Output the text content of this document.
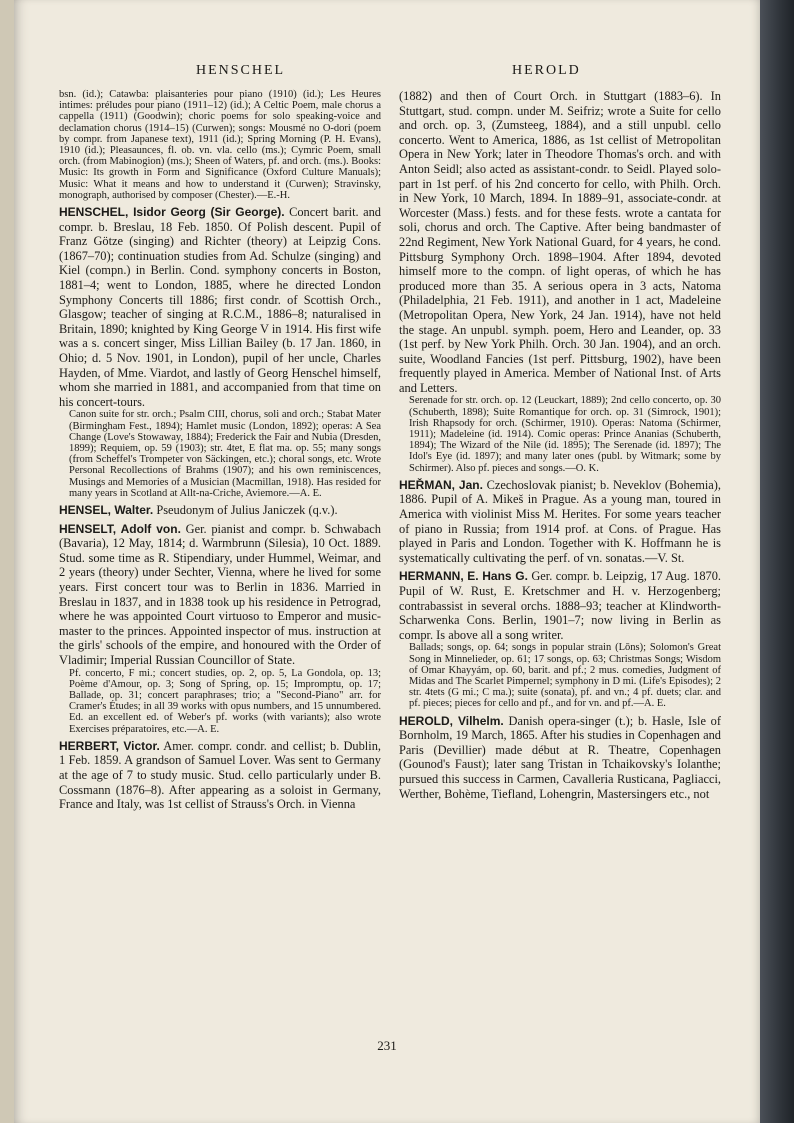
HENSCHEL	HEROLD

bsn. (id.); Catawba: plaisanteries pour piano (1910) (id.); Les Heures intimes: préludes pour piano (1911–12) (id.); A Celtic Poem, male chorus a cappella (1911) (Goodwin); choric poems for solo speaking-voice and declamation chorus (1914–15) (Curwen); songs: Mousmé no O-dori (poem by compr. from Japanese text), 1911 (id.); Spring Morning (P. H. Evans), 1910 (id.); Pleasaunces, fl. ob. vn. vla. cello (ms.); Cymric Poem, small orch. (from Mabinogion) (ms.); Sheen of Waters, pf. and orch. (ms.). Books: Music: Its growth in Form and Significance (Oxford Culture Manuals); Music: What it means and how to understand it (Curwen); Stravinsky, monograph, authorised by composer (Chester).—E.-H.

HENSCHEL, Isidor Georg (Sir George). Concert barit. and compr. b. Breslau, 18 Feb. 1850. Of Polish descent. Pupil of Franz Götze (singing) and Richter (theory) at Leipzig Cons. (1867–70); continuation studies from Ad. Schulze (singing) and Kiel (compn.) in Berlin. Cond. symphony concerts in Boston, 1881–4; went to London, 1885, where he directed London Symphony Concerts till 1886; first condr. of Scottish Orch., Glasgow; teacher of singing at R.C.M., 1886–8; naturalised in Britain, 1890; knighted by King George V in 1914. His first wife was a s. concert singer, Miss Lillian Bailey (b. 17 Jan. 1860, in Ohio; d. 5 Nov. 1901, in London), pupil of her uncle, Charles Hayden, of Mme. Viardot, and lastly of Georg Henschel himself, whom she married in 1881, and accompanied from that time on his concert-tours.

Canon suite for str. orch.; Psalm CIII, chorus, soli and orch.; Stabat Mater (Birmingham Fest., 1894); Hamlet music (London, 1892); operas: A Sea Change (Love's Stowaway, 1884); Frederick the Fair and Nubia (Dresden, 1899); Requiem, op. 59 (1903); str. 4tet, E flat ma. op. 55; many songs (from Scheffel's Trompeter von Säckingen, etc.); choral songs, etc. Wrote Personal Recollections of Brahms (1907); and his own reminiscences, Musings and Memories of a Musician (Macmillan, 1918). Has resided for many years in Scotland at Allt-na-Criche, Aviemore.—A. E.

HENSEL, Walter. Pseudonym of Julius Janiczek (q.v.).

HENSELT, Adolf von. Ger. pianist and compr. b. Schwabach (Bavaria), 12 May, 1814; d. Warmbrunn (Silesia), 10 Oct. 1889. Stud. some time as R. Stipendiary, under Hummel, Weimar, and 2 years (theory) under Sechter, Vienna, where he lived for some years. First concert tour was to Berlin in 1836. Married in Breslau in 1837, and in 1838 took up his residence in Petrograd, where he was appointed Court virtuoso to Emperor and music-master to the princes. Appointed inspector of mus. instruction at the girls' schools of the empire, and honoured with the Order of Vladimir; Imperial Russian Councillor of State.

Pf. concerto, F mi.; concert studies, op. 2, op. 5, La Gondola, op. 13; Poème d'Amour, op. 3; Song of Spring, op. 15; Impromptu, op. 17; Ballade, op. 31; concert paraphrases; trio; a "Second-Piano" arr. for Cramer's Études; in all 39 works with opus numbers, and 15 unnumbered. Ed. an excellent ed. of Weber's pf. works (with variants); also wrote Exercises préparatoires, etc.—A. E.

HERBERT, Victor. Amer. compr. condr. and cellist; b. Dublin, 1 Feb. 1859. A grandson of Samuel Lover. Was sent to Germany at the age of 7 to study music. Stud. cello particularly under B. Cossmann (1876–8). After appearing as a soloist in Germany, France and Italy, was 1st cellist of Strauss's Orch. in Vienna

(1882) and then of Court Orch. in Stuttgart (1883–6). In Stuttgart, stud. compn. under M. Seifriz; wrote a Suite for cello and orch. op. 3, (Zumsteeg, 1884), and a still unpubl. cello concerto. Went to America, 1886, as 1st cellist of Metropolitan Opera in New York; later in Theodore Thomas's orch. and with Anton Seidl; also acted as assistant-condr. to Seidl. Played solo-part in 1st perf. of his 2nd concerto for cello, with Philh. Orch. in New York, 10 March, 1894. In 1889–91, associate-condr. at Worcester (Mass.) fests. and for these fests. wrote a cantata for soli, chorus and orch. The Captive. After being bandmaster of 22nd Regiment, New York National Guard, for 4 years, he cond. Pittsburg Symphony Orch. 1898–1904. After 1894, devoted himself more to the compn. of light operas, of which he has produced more than 35. A serious opera in 3 acts, Natoma (Philadelphia, 21 Feb. 1911), and another in 1 act, Madeleine (Metropolitan Opera, New York, 24 Jan. 1914), have not held the stage. An unpubl. symph. poem, Hero and Leander, op. 33 (1st perf. by New York Philh. Orch. 30 Jan. 1904), and an orch. suite, Woodland Fancies (1st perf. Pittsburg, 1902), have been frequently played in America. Member of National Inst. of Arts and Letters.

Serenade for str. orch. op. 12 (Leuckart, 1889); 2nd cello concerto, op. 30 (Schuberth, 1898); Suite Romantique for orch. op. 31 (Simrock, 1901); Irish Rhapsody for orch. (Schirmer, 1910). Operas: Natoma (Schirmer, 1911); Madeleine (id. 1914). Comic operas: Prince Ananias (Schuberth, 1894); The Wizard of the Nile (id. 1895); The Serenade (id. 1897); The Idol's Eye (id. 1897); and many later ones (publ. by Witmark; some by Schirmer). Also pf. pieces and songs.—O. K.

HEŘMAN, Jan. Czechoslovak pianist; b. Neveklov (Bohemia), 1886. Pupil of A. Mikeš in Prague. As a young man, toured in America with violinist Miss M. Herites. For some years teacher of piano in Russia; from 1914 prof. at Cons. of Prague. Has played in Paris and London. Together with K. Hoffmann he is systematically cultivating the perf. of vn. sonatas.—V. St.

HERMANN, E. Hans G. Ger. compr. b. Leipzig, 17 Aug. 1870. Pupil of W. Rust, E. Kretschmer and H. v. Herzogenberg; contrabassist in several orchs. 1888–93; teacher at Klindworth-Scharwenka Cons. Berlin, 1901–7; now living in Berlin as compr. Is above all a song writer.

Ballads; songs, op. 64; songs in popular strain (Lōns); Solomon's Great Song in Minnelieder, op. 61; 17 songs, op. 63; Christmas Songs; Wisdom of Omar Khayyám, op. 60, barit. and pf.; 2 mus. comedies, Judgment of Midas and The Scarlet Pimpernel; symphony in D mi. (Life's Episodes); 2 str. 4tets (G mi.; C ma.); suite (sonata), pf. and vn.; 4 pf. duets; clar. and pf. pieces; pieces for cello and pf., and for vn. and pf.—A. E.

HEROLD, Vilhelm. Danish opera-singer (t.); b. Hasle, Isle of Bornholm, 19 March, 1865. After his studies in Copenhagen and Paris (Devillier) made début at R. Theatre, Copenhagen (Gounod's Faust); later sang Tristan in Tchaikovsky's Iolanthe; pursued this success in Carmen, Cavalleria Rusticana, Pagliacci, Werther, Bohème, Tiefland, Lohengrin, Mastersingers etc., not

231
